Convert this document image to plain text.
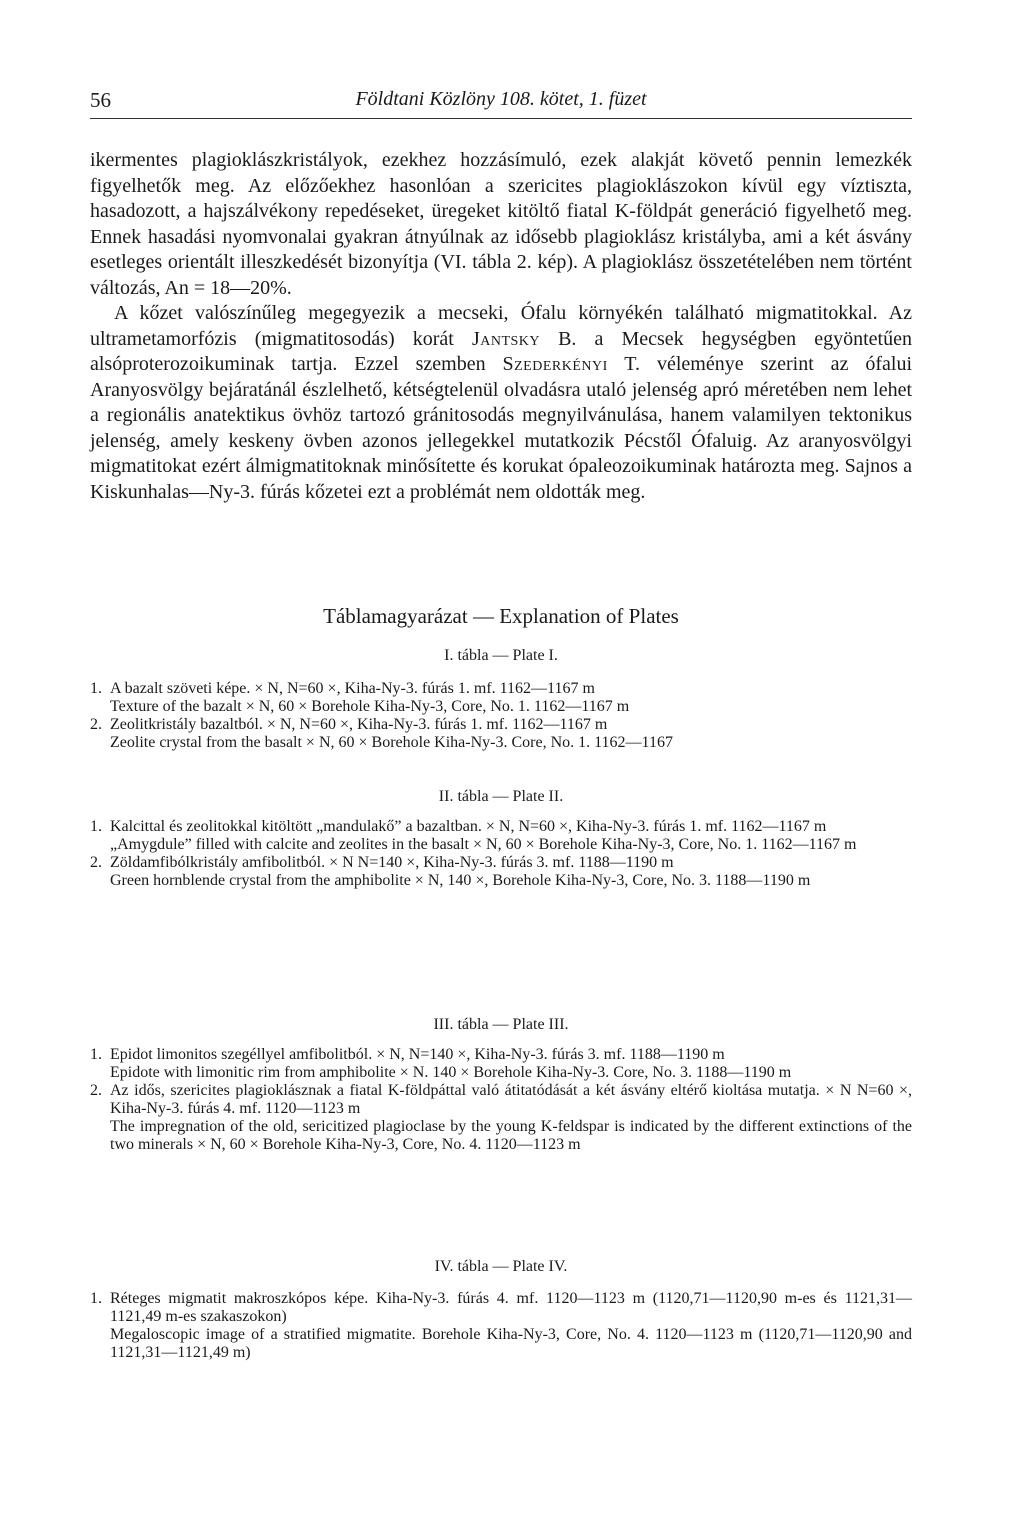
56	Földtani Közlöny 108. kötet, 1. füzet

ikermentes plagioklászkristályok, ezekhez hozzásímuló, ezek alakját követő pennin lemezkék figyelhetők meg. Az előzőekhez hasonlóan a szericites plagioklászokon kívül egy víztiszta, hasadozott, a hajszálvékony repedéseket, üregeket kitöltő fiatal K-földpát generáció figyelhető meg. Ennek hasadási nyomvonalai gyakran átnyúlnak az idősebb plagioklász kristályba, ami a két ásvány esetleges orientált illeszkedését bizonyítja (VI. tábla 2. kép). A plagioklász összetételében nem történt változás, An = 18—20%.

A kőzet valószínűleg megegyezik a mecseki, Ófalu környékén található migmatitokkal. Az ultrametamorfózis (migmatitosodás) korát Jantsky B. a Mecsek hegységben egyöntetűen alsóproterozoikuminak tartja. Ezzel szemben Szederkényi T. véleménye szerint az ófalui Aranyosvölgy bejáratánál észlelhető, kétségtelenül olvadásra utaló jelenség apró méretében nem lehet a regionális anatektikus övhöz tartozó gránitosodás megnyilvánulása, hanem valamilyen tektonikus jelenség, amely keskeny övben azonos jellegekkel mutatkozik Pécstől Ófaluig. Az aranyosvölgyi migmatitokat ezért álmigmatitoknak minősítette és korukat ópaleozoikuminak határozta meg. Sajnos a Kiskunhalas—Ny-3. fúrás kőzetei ezt a problémát nem oldották meg.

Táblamagyarázat — Explanation of Plates
I. tábla — Plate I.
1. A bazalt szöveti képe. × N, N=60 ×, Kiha-Ny-3. fúrás 1. mf. 1162—1167 m
Texture of the bazalt × N, 60 × Borehole Kiha-Ny-3, Core, No. 1. 1162—1167 m
2. Zeolitkristály bazaltból. × N, N=60 ×, Kiha-Ny-3. fúrás 1. mf. 1162—1167 m
Zeolite crystal from the basalt × N, 60 × Borehole Kiha-Ny-3. Core, No. 1. 1162—1167
II. tábla — Plate II.
1. Kalcittal és zeolitokkal kitöltött „mandulakő” a bazaltban. × N, N=60 ×, Kiha-Ny-3. fúrás 1. mf. 1162—1167 m
„Amygdule” filled with calcite and zeolites in the basalt × N, 60 × Borehole Kiha-Ny-3, Core, No. 1. 1162—1167 m
2. Zöldamfibólkristály amfibolitból. × N N=140 ×, Kiha-Ny-3. fúrás 3. mf. 1188—1190 m
Green hornblende crystal from the amphibolite × N, 140 ×, Borehole Kiha-Ny-3, Core, No. 3. 1188—1190 m
III. tábla — Plate III.
1. Epidot limonitos szegéllyel amfibolitból. × N, N=140 ×, Kiha-Ny-3. fúrás 3. mf. 1188—1190 m
Epidote with limonitic rim from amphibolite × N. 140 × Borehole Kiha-Ny-3. Core, No. 3. 1188—1190 m
2. Az idős, szericites plagioklásznak a fiatal K-földpáttal való átitatódását a két ásvány eltérő kioltása mutatja. × N N=60 ×, Kiha-Ny-3. fúrás 4. mf. 1120—1123 m
The impregnation of the old, sericitized plagioclase by the young K-feldspar is indicated by the different extinctions of the two minerals × N, 60 × Borehole Kiha-Ny-3, Core, No. 4. 1120—1123 m
IV. tábla — Plate IV.
1. Réteges migmatit makroszkópos képe. Kiha-Ny-3. fúrás 4. mf. 1120—1123 m (1120,71—1120,90 m-es és 1121,31—1121,49 m-es szakaszokon)
Megaloscopic image of a stratified migmatite. Borehole Kiha-Ny-3, Core, No. 4. 1120—1123 m (1120,71—1120,90 and 1121,31—1121,49 m)
